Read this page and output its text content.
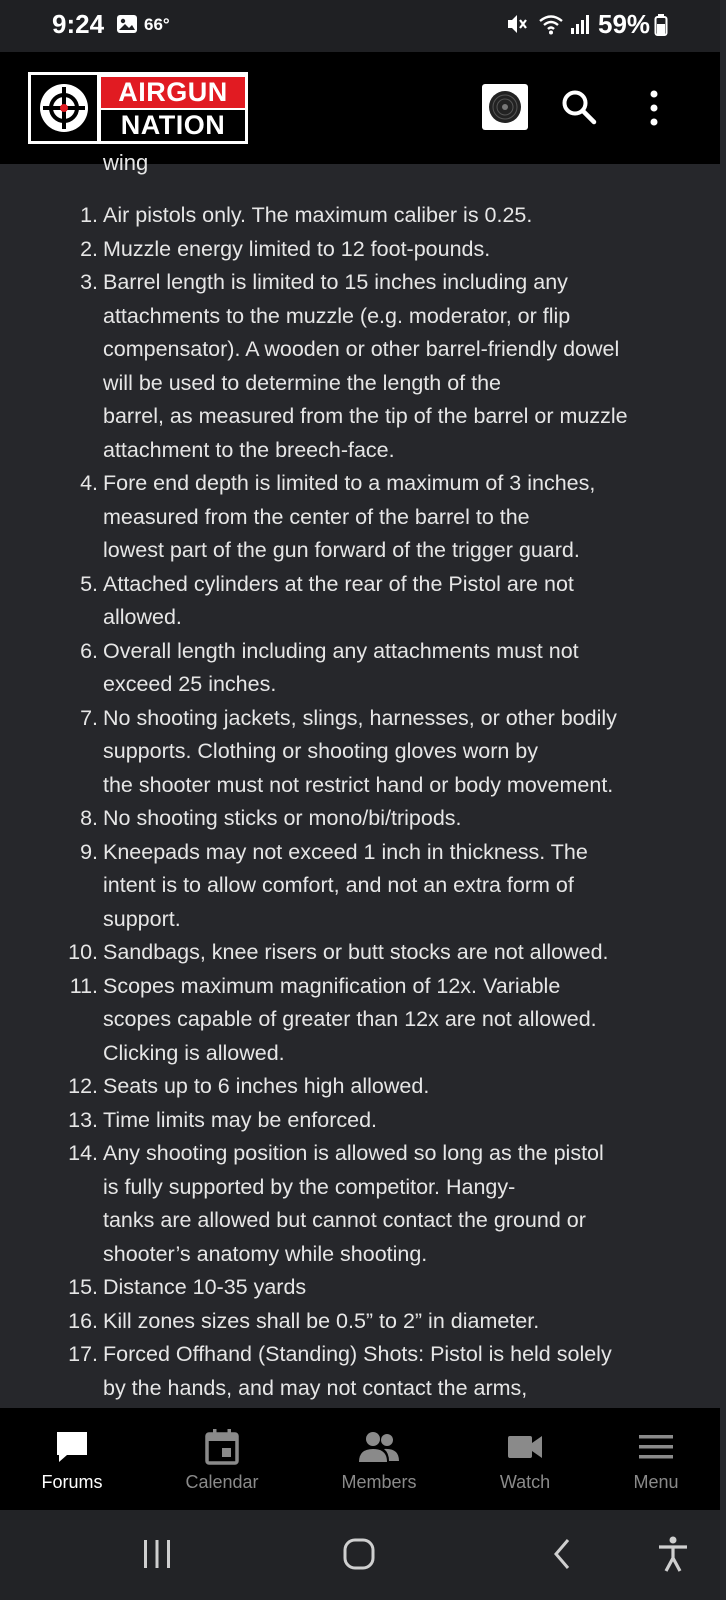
9:24 66°	59%
AIRGUN
NATION
wing
1. Air pistols only. The maximum caliber is 0.25.
2. Muzzle energy limited to 12 foot-pounds.
3. Barrel length is limited to 15 inches including any
attachments to the muzzle (e.g. moderator, or flip
compensator). A wooden or other barrel-friendly dowel
will be used to determine the length of the
barrel, as measured from the tip of the barrel or muzzle
attachment to the breech-face.
4. Fore end depth is limited to a maximum of 3 inches,
measured from the center of the barrel to the
lowest part of the gun forward of the trigger guard.
5. Attached cylinders at the rear of the Pistol are not
allowed.
6. Overall length including any attachments must not
exceed 25 inches.
7. No shooting jackets, slings, harnesses, or other bodily
supports. Clothing or shooting gloves worn by
the shooter must not restrict hand or body movement.
8. No shooting sticks or mono/bi/tripods.
9. Kneepads may not exceed 1 inch in thickness. The
intent is to allow comfort, and not an extra form of
support.
10. Sandbags, knee risers or butt stocks are not allowed.
11. Scopes maximum magnification of 12x. Variable
scopes capable of greater than 12x are not allowed.
Clicking is allowed.
12. Seats up to 6 inches high allowed.
13. Time limits may be enforced.
14. Any shooting position is allowed so long as the pistol
is fully supported by the competitor. Hangy-
tanks are allowed but cannot contact the ground or
shooter’s anatomy while shooting.
15. Distance 10-35 yards
16. Kill zones sizes shall be 0.5” to 2” in diameter.
17. Forced Offhand (Standing) Shots: Pistol is held solely
by the hands, and may not contact the arms,
Forums	Calendar	Members	Watch	Menu
